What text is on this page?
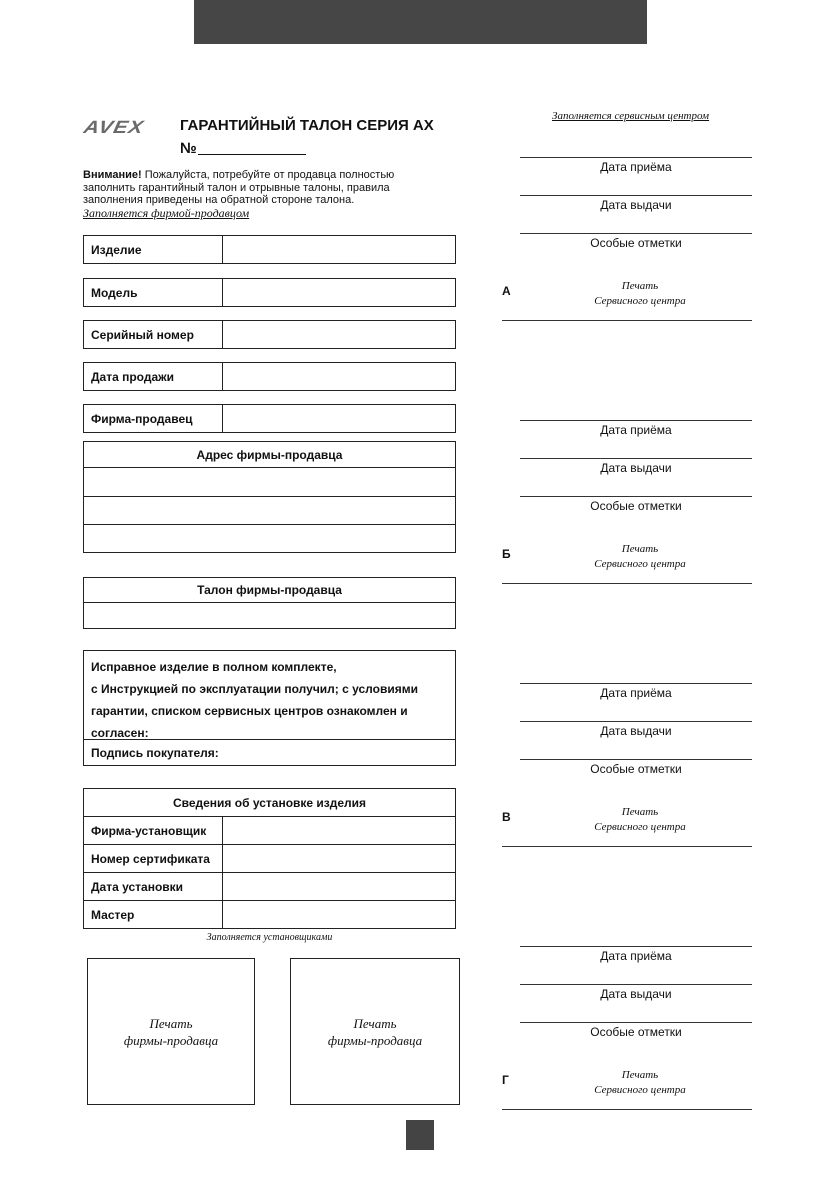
AVEX ГАРАНТИЙНЫЙ ТАЛОН СЕРИЯ АХ
№
Внимание! Пожалуйста, потребуйте от продавца полностью заполнить гарантийный талон и отрывные талоны, правила заполнения приведены на обратной стороне талона.
Заполняется фирмой-продавцом
Изделие
Модель
Серийный номер
Дата продажи
Фирма-продавец
Адрес фирмы-продавца
Талон фирмы-продавца
Исправное изделие в полном комплекте,
с Инструкцией по эксплуатации получил; с условиями
гарантии, списком сервисных центров ознакомлен и
согласен:
Подпись покупателя:
Сведения об установке изделия
Фирма-установщик
Номер сертификата
Дата установки
Мастер
Заполняется установщиками
Печать
фирмы-продавца
Печать
фирмы-продавца
Заполняется сервисным центром
Дата приёма
Дата выдачи
Особые отметки
А	Печать
Сервисного центра
Дата приёма
Дата выдачи
Особые отметки
Б	Печать
Сервисного центра
Дата приёма
Дата выдачи
Особые отметки
В	Печать
Сервисного центра
Дата приёма
Дата выдачи
Особые отметки
Г	Печать
Сервисного центра
